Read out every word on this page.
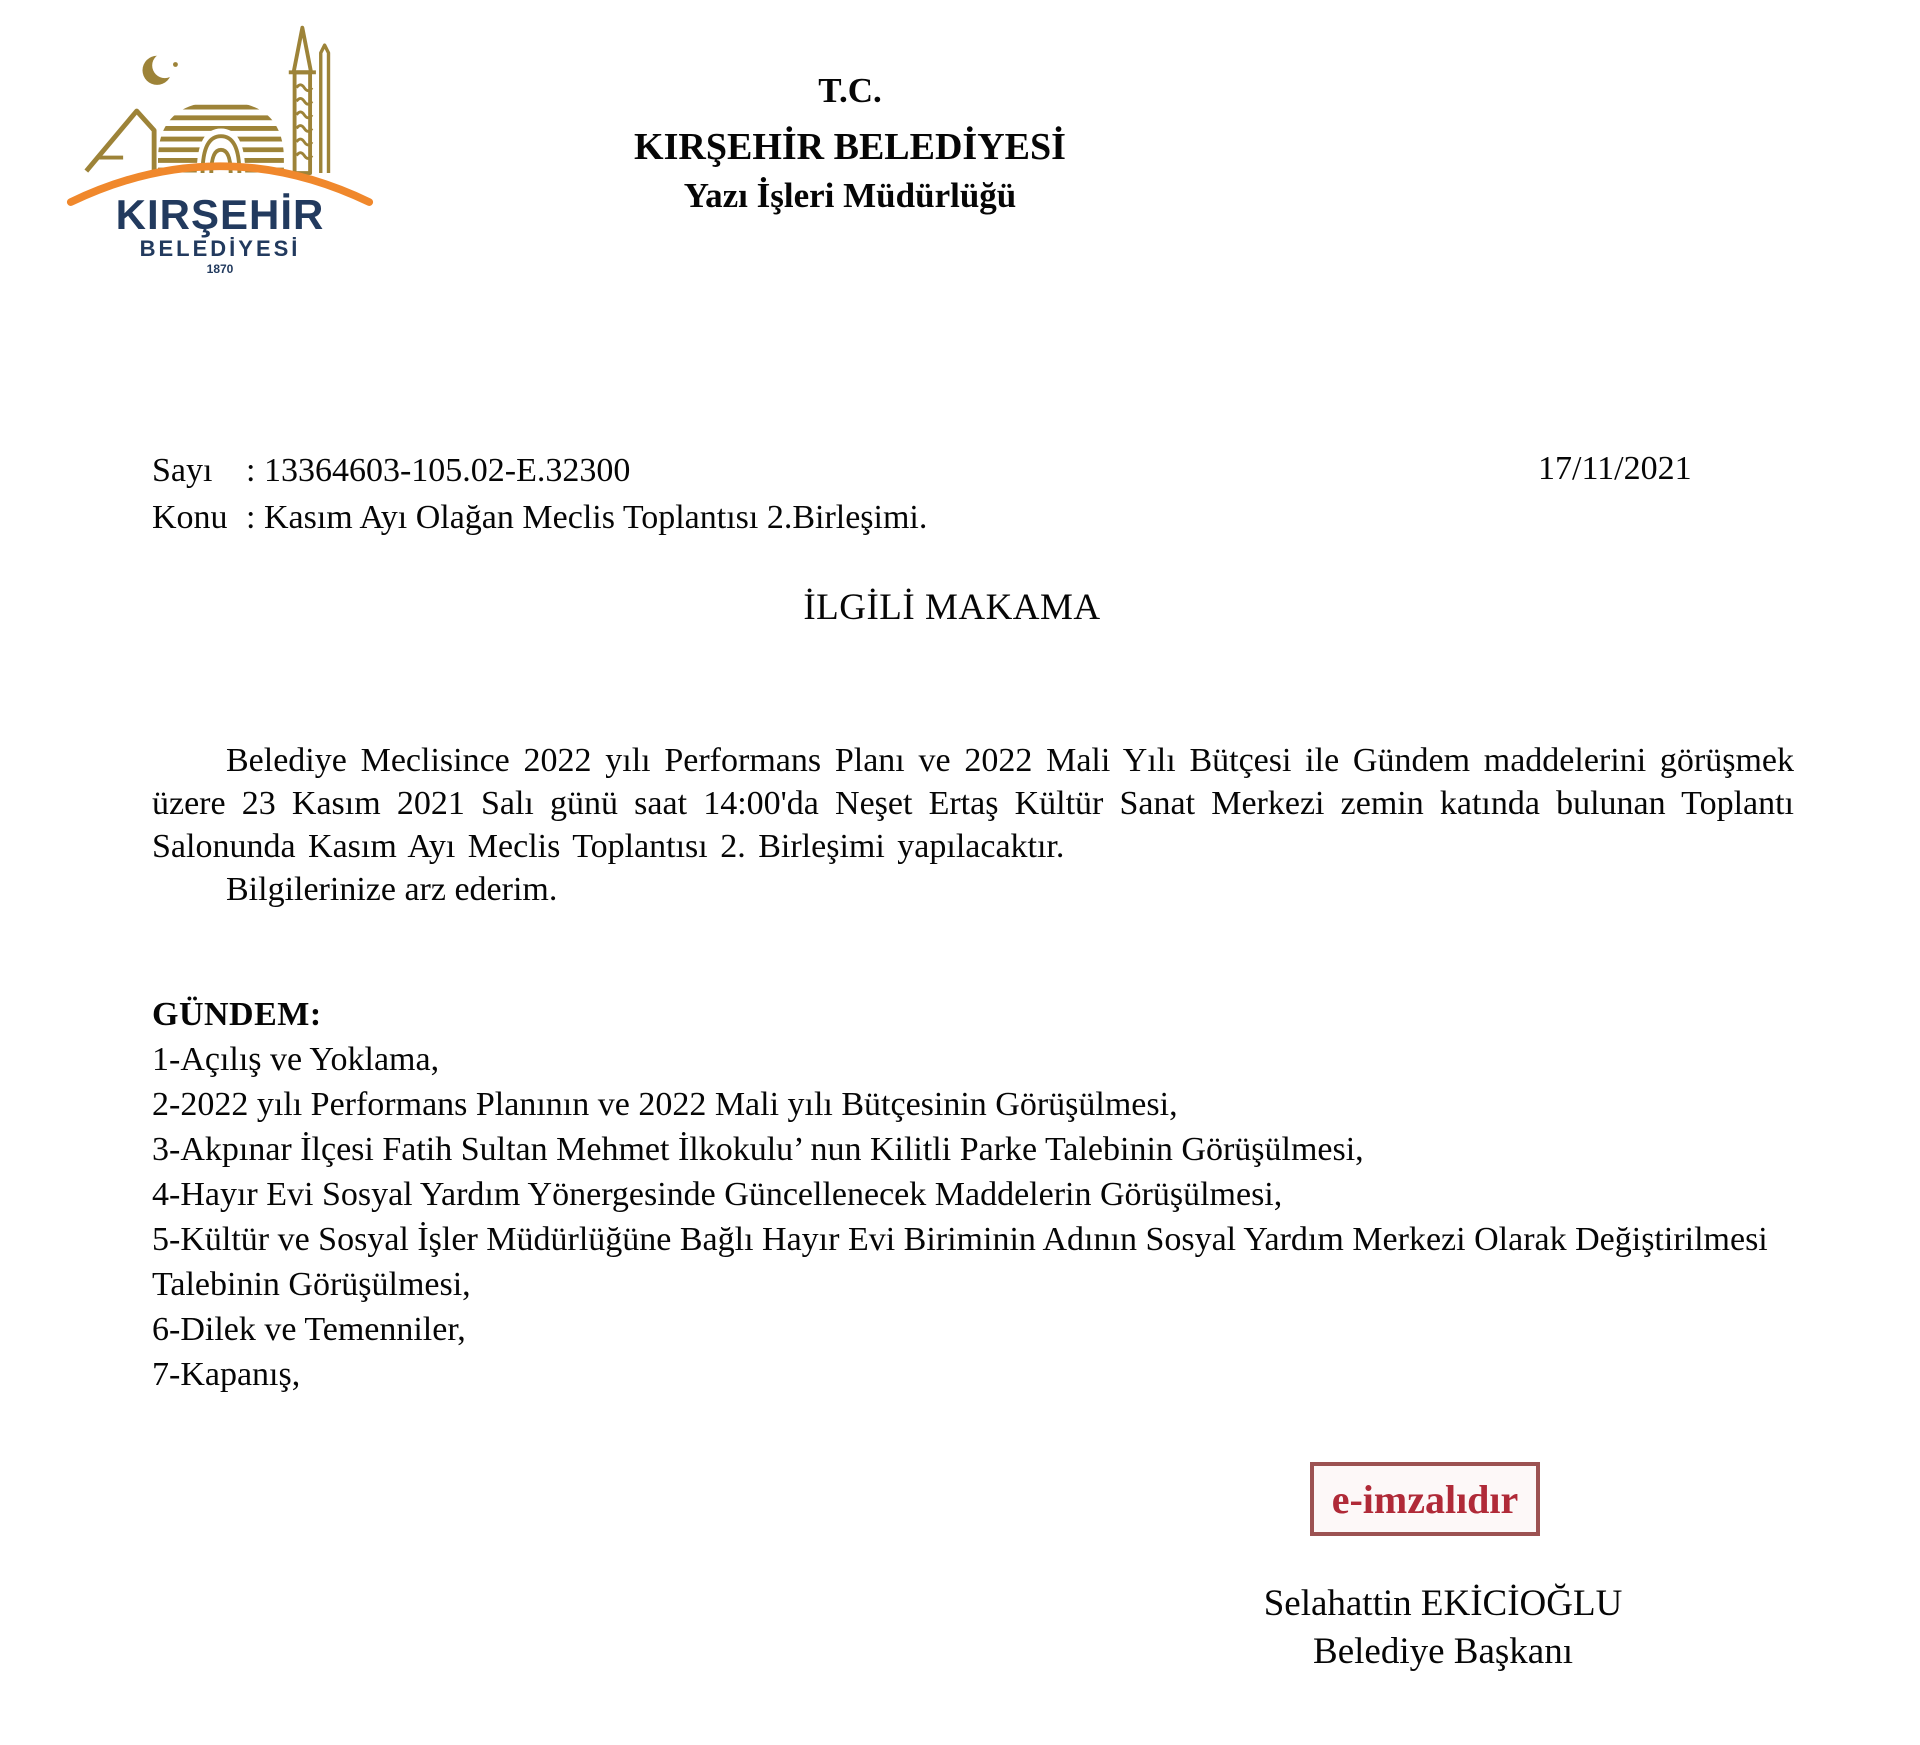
KIRŞEHİR
BELEDİYESİ
1870
T.C.
KIRŞEHİR BELEDİYESİ
Yazı İşleri Müdürlüğü
Sayı : 13364603-105.02-E.32300
Konu : Kasım Ayı Olağan Meclis Toplantısı 2.Birleşimi.
17/11/2021
İLGİLİ MAKAMA

Belediye Meclisince 2022 yılı Performans Planı ve 2022 Mali Yılı Bütçesi ile Gündem maddelerini görüşmek üzere 23 Kasım 2021 Salı günü saat 14:00'da Neşet Ertaş Kültür Sanat Merkezi zemin katında bulunan Toplantı Salonunda Kasım Ayı Meclis Toplantısı 2. Birleşimi yapılacaktır.

Bilgilerinize arz ederim.

GÜNDEM:
1-Açılış ve Yoklama,
2-2022 yılı Performans Planının ve 2022 Mali yılı Bütçesinin Görüşülmesi,
3-Akpınar İlçesi Fatih Sultan Mehmet İlkokulu’ nun Kilitli Parke Talebinin Görüşülmesi,
4-Hayır Evi Sosyal Yardım Yönergesinde Güncellenecek Maddelerin Görüşülmesi,
5-Kültür ve Sosyal İşler Müdürlüğüne Bağlı Hayır Evi Biriminin Adının Sosyal Yardım Merkezi Olarak Değiştirilmesi Talebinin Görüşülmesi,
6-Dilek ve Temenniler,
7-Kapanış,
e-imzalıdır
Selahattin EKİCİOĞLU
Belediye Başkanı
